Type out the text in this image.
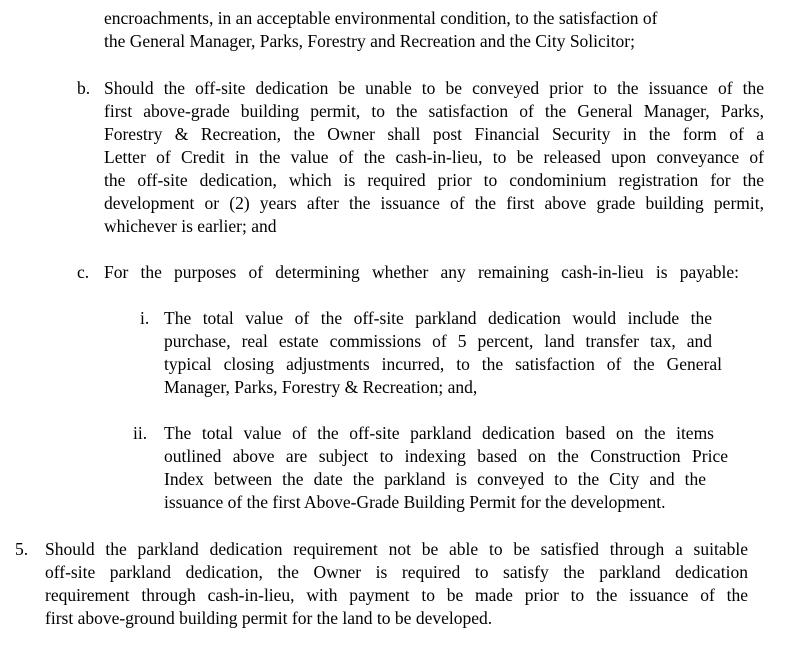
encroachments, in an acceptable environmental condition, to the satisfaction of
the General Manager, Parks, Forestry and Recreation and the City Solicitor;
b. Should the off-site dedication be unable to be conveyed prior to the issuance of the
first above-grade building permit, to the satisfaction of the General Manager, Parks,
Forestry & Recreation, the Owner shall post Financial Security in the form of a
Letter of Credit in the value of the cash-in-lieu, to be released upon conveyance of
the off-site dedication, which is required prior to condominium registration for the
development or (2) years after the issuance of the first above grade building permit,
whichever is earlier; and
c. For the purposes of determining whether any remaining cash-in-lieu is payable:
i. The total value of the off-site parkland dedication would include the
purchase, real estate commissions of 5 percent, land transfer tax, and
typical closing adjustments incurred, to the satisfaction of the General
Manager, Parks, Forestry & Recreation; and,
ii. The total value of the off-site parkland dedication based on the items
outlined above are subject to indexing based on the Construction Price
Index between the date the parkland is conveyed to the City and the
issuance of the first Above-Grade Building Permit for the development.
5. Should the parkland dedication requirement not be able to be satisfied through a suitable
off-site parkland dedication, the Owner is required to satisfy the parkland dedication
requirement through cash-in-lieu, with payment to be made prior to the issuance of the
first above-ground building permit for the land to be developed.
